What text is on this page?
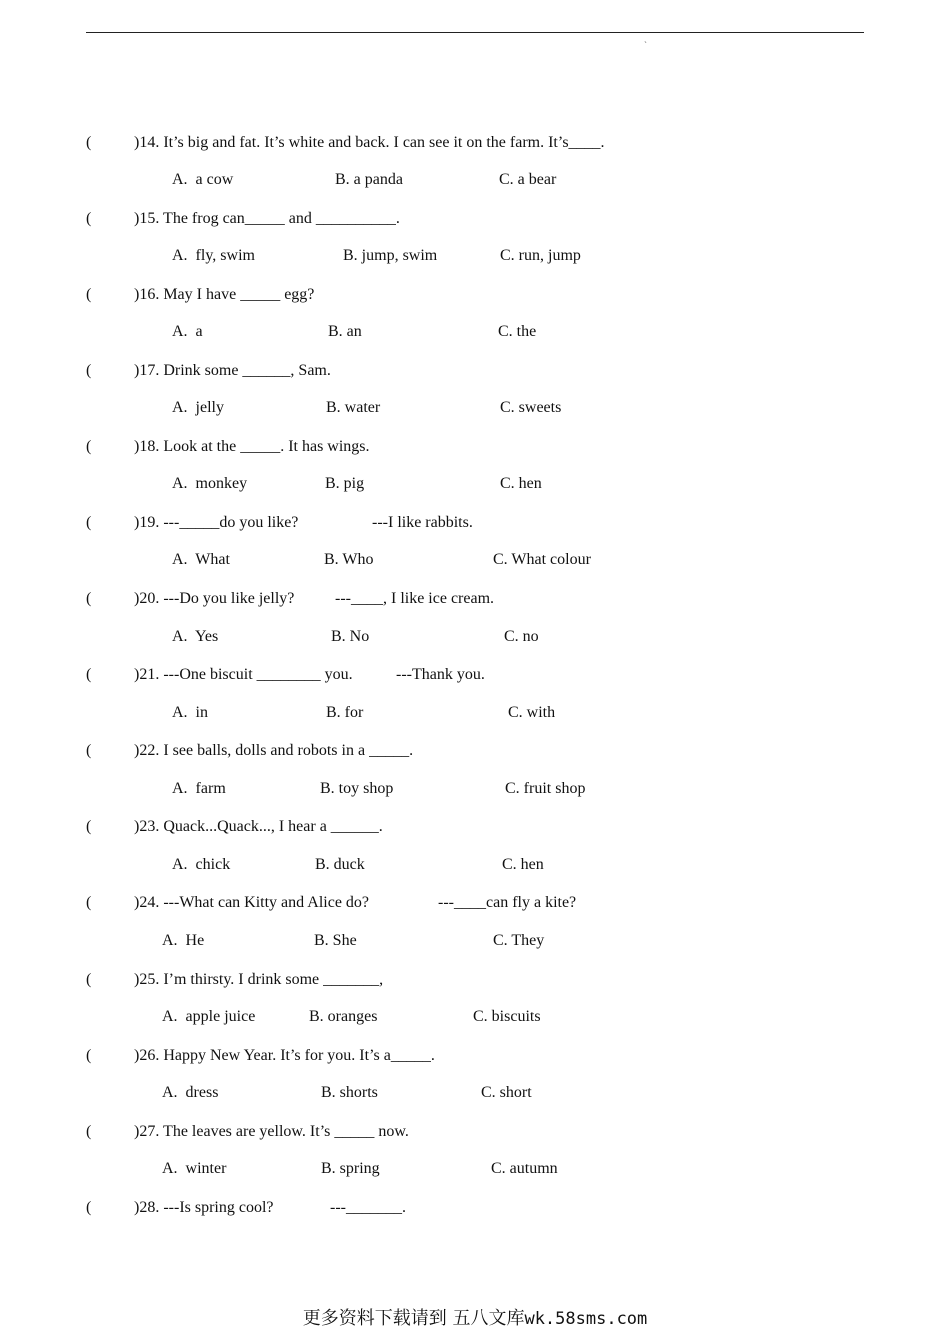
`
(	)14. It’s big and fat. It’s white and back. I can see it on the farm. It’s____.
A.  a cow	B. a panda	C. a bear
(	)15. The frog can_____ and __________.
A.  fly, swim	B. jump, swim	C. run, jump
(	)16. May I have _____ egg?
A.  a	B. an	C. the
(	)17. Drink some ______, Sam.
A.  jelly	B. water	C. sweets
(	)18. Look at the _____. It has wings.
A.  monkey	B. pig	C. hen
(	)19. ---_____do you like?	---I like rabbits.
A.  What	B. Who	C. What colour
(	)20. ---Do you like jelly?	---____, I like ice cream.
A.  Yes	B. No	C. no
(	)21. ---One biscuit ________ you.	---Thank you.
A.  in	B. for	C. with
(	)22. I see balls, dolls and robots in a _____.
A.  farm	B. toy shop	C. fruit shop
(	)23. Quack...Quack..., I hear a ______.
A.  chick	B. duck	C. hen
(	)24. ---What can Kitty and Alice do?	---____can fly a kite?
A.  He	B. She	C. They
(	)25. I’m thirsty. I drink some _______,
A.  apple juice	B. oranges	C. biscuits
(	)26. Happy New Year. It’s for you. It’s a_____.
A.  dress	B. shorts	C. short
(	)27. The leaves are yellow. It’s _____ now.
A.  winter	B. spring	C. autumn
(	)28. ---Is spring cool?	---_______.
更多资料下载请到 五八文库wk.58sms.com
